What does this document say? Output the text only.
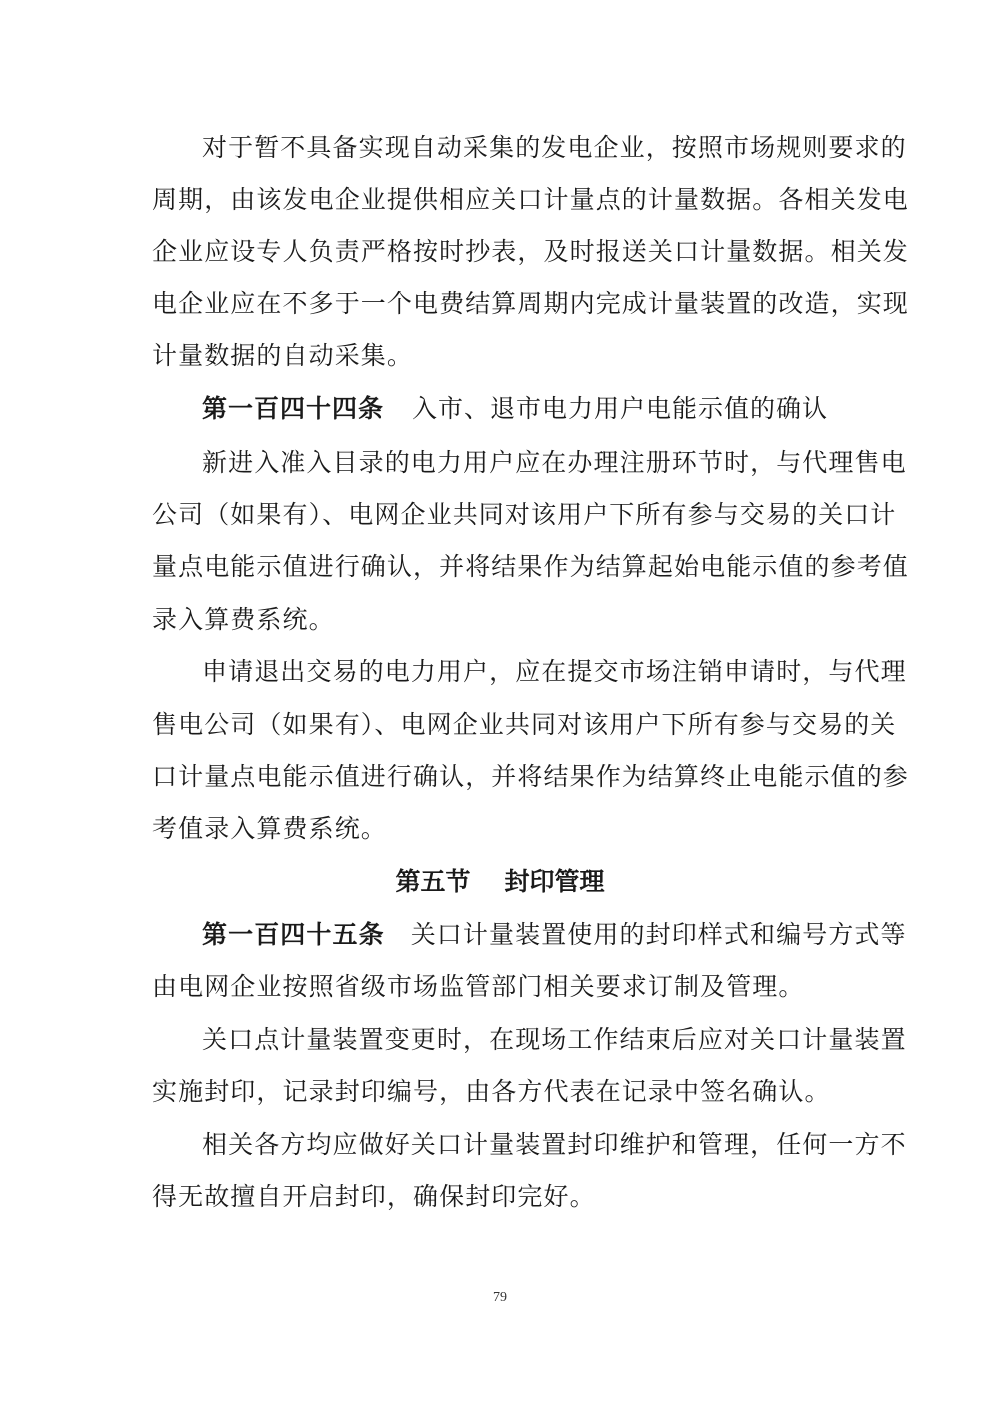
对于暂不具备实现自动采集的发电企业，按照市场规则要求的
周期，由该发电企业提供相应关口计量点的计量数据。各相关发电
企业应设专人负责严格按时抄表，及时报送关口计量数据。相关发
电企业应在不多于一个电费结算周期内完成计量装置的改造，实现
计量数据的自动采集。
第一百四十四条 入市、退市电力用户电能示值的确认
新进入准入目录的电力用户应在办理注册环节时，与代理售电
公司（如果有）、电网企业共同对该用户下所有参与交易的关口计
量点电能示值进行确认，并将结果作为结算起始电能示值的参考值
录入算费系统。
申请退出交易的电力用户，应在提交市场注销申请时，与代理
售电公司（如果有）、电网企业共同对该用户下所有参与交易的关
口计量点电能示值进行确认，并将结果作为结算终止电能示值的参
考值录入算费系统。
第五节 封印管理
第一百四十五条 关口计量装置使用的封印样式和编号方式等
由电网企业按照省级市场监管部门相关要求订制及管理。
关口点计量装置变更时，在现场工作结束后应对关口计量装置
实施封印，记录封印编号，由各方代表在记录中签名确认。
相关各方均应做好关口计量装置封印维护和管理，任何一方不
得无故擅自开启封印，确保封印完好。
79
